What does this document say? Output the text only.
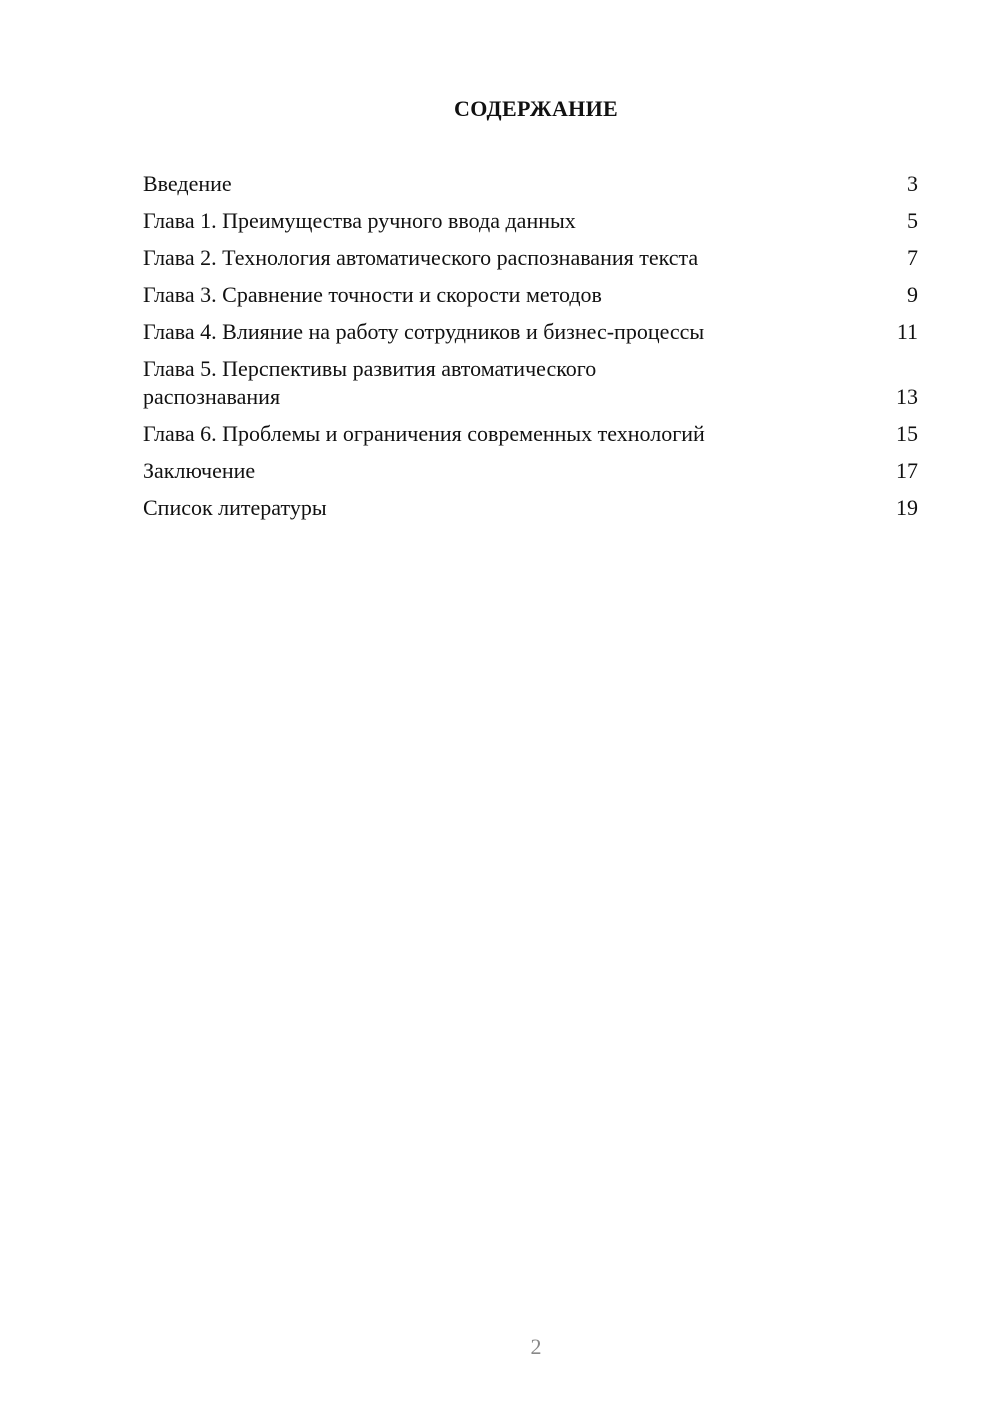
СОДЕРЖАНИЕ
Введение	3
Глава 1. Преимущества ручного ввода данных	5
Глава 2. Технология автоматического распознавания текста	7
Глава 3. Сравнение точности и скорости методов	9
Глава 4. Влияние на работу сотрудников и бизнес-процессы	11
Глава 5. Перспективы развития автоматического распознавания	13
Глава 6. Проблемы и ограничения современных технологий	15
Заключение	17
Список литературы	19
2
